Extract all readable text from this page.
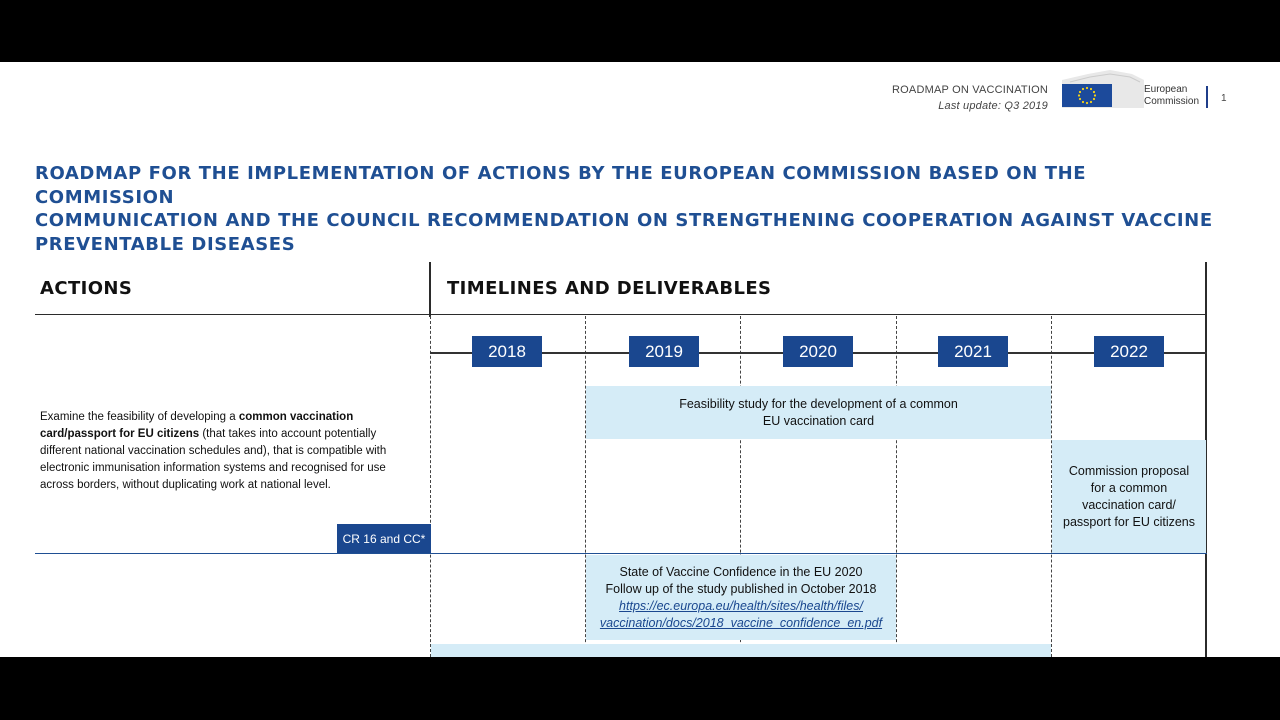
ROADMAP ON VACCINATION
Last update: Q3 2019
European
Commission 1
ROADMAP FOR THE IMPLEMENTATION OF ACTIONS BY THE EUROPEAN COMMISSION BASED ON THE COMMISSION
COMMUNICATION AND THE COUNCIL RECOMMENDATION ON STRENGTHENING COOPERATION AGAINST VACCINE
PREVENTABLE DISEASES
ACTIONS	TIMELINES AND DELIVERABLES
2018	2019	2020	2021	2022
Examine the feasibility of developing a common vaccination card/passport for EU citizens (that takes into account potentially different national vaccination schedules and), that is compatible with electronic immunisation information systems and recognised for use across borders, without duplicating work at national level.
CR 16 and CC*
Feasibility study for the development of a common
EU vaccination card
Commission proposal
for a common
vaccination card/
passport for EU citizens
State of Vaccine Confidence in the EU 2020
Follow up of the study published in October 2018
https://ec.europa.eu/health/sites/health/files/
vaccination/docs/2018_vaccine_confidence_en.pdf
